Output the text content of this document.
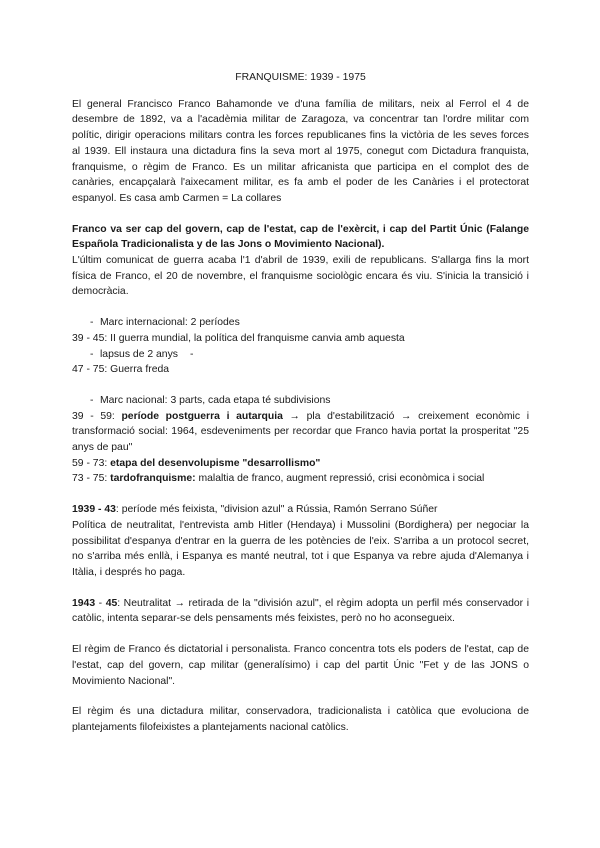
FRANQUISME: 1939 - 1975

El general Francisco Franco Bahamonde ve d'una família de militars, neix al Ferrol el 4 de desembre de 1892, va a l'acadèmia militar de Zaragoza, va concentrar tan l'ordre militar com polític, dirigir operacions militars contra les forces republicanes fins la victòria de les seves forces al 1939. Ell instaura una dictadura fins la seva mort al 1975, conegut com Dictadura franquista, franquisme, o règim de Franco. Es un militar africanista que participa en el complot des de canàries, encapçalarà l'aixecament militar, es fa amb el poder de les Canàries i el protectorat espanyol. Es casa amb Carmen = La collares

Franco va ser cap del govern, cap de l'estat, cap de l'exèrcit, i cap del Partit Únic (Falange Española Tradicionalista y de las Jons o Movimiento Nacional).

L'últim comunicat de guerra acaba l'1 d'abril de 1939, exili de republicans. S'allarga fins la mort física de Franco, el 20 de novembre, el franquisme sociològic encara és viu. S'inicia la transició i democràcia.

- Marc internacional: 2 períodes

39 - 45: II guerra mundial, la política del franquisme canvia amb aquesta

- lapsus de 2 anys -

47 - 75: Guerra freda

- Marc nacional: 3 parts, cada etapa té subdivisions

39 - 59: període postguerra i autarquia → pla d'estabilització → creixement econòmic i transformació social: 1964, esdeveniments per recordar que Franco havia portat la prosperitat "25 anys de pau"

59 - 73: etapa del desenvolupisme "desarrollismo"

73 - 75: tardofranquisme: malaltia de franco, augment repressió, crisi econòmica i social

1939 - 43: període més feixista, "division azul" a Rússia, Ramón Serrano Súñer

Política de neutralitat, l'entrevista amb Hitler (Hendaya) i Mussolini (Bordighera) per negociar la possibilitat d'espanya d'entrar en la guerra de les potències de l'eix. S'arriba a un protocol secret, no s'arriba més enllà, i Espanya es manté neutral, tot i que Espanya va rebre ajuda d'Alemanya i Itàlia, i després ho paga.

1943 - 45: Neutralitat → retirada de la "división azul", el règim adopta un perfil més conservador i catòlic, intenta separar-se dels pensaments més feixistes, però no ho aconsegueix.

El règim de Franco és dictatorial i personalista. Franco concentra tots els poders de l'estat, cap de l'estat, cap del govern, cap militar (generalísimo) i cap del partit Únic "Fet y de las JONS o Movimiento Nacional".

El règim és una dictadura militar, conservadora, tradicionalista i catòlica que evoluciona de plantejaments filofeixistes a plantejaments nacional catòlics.
